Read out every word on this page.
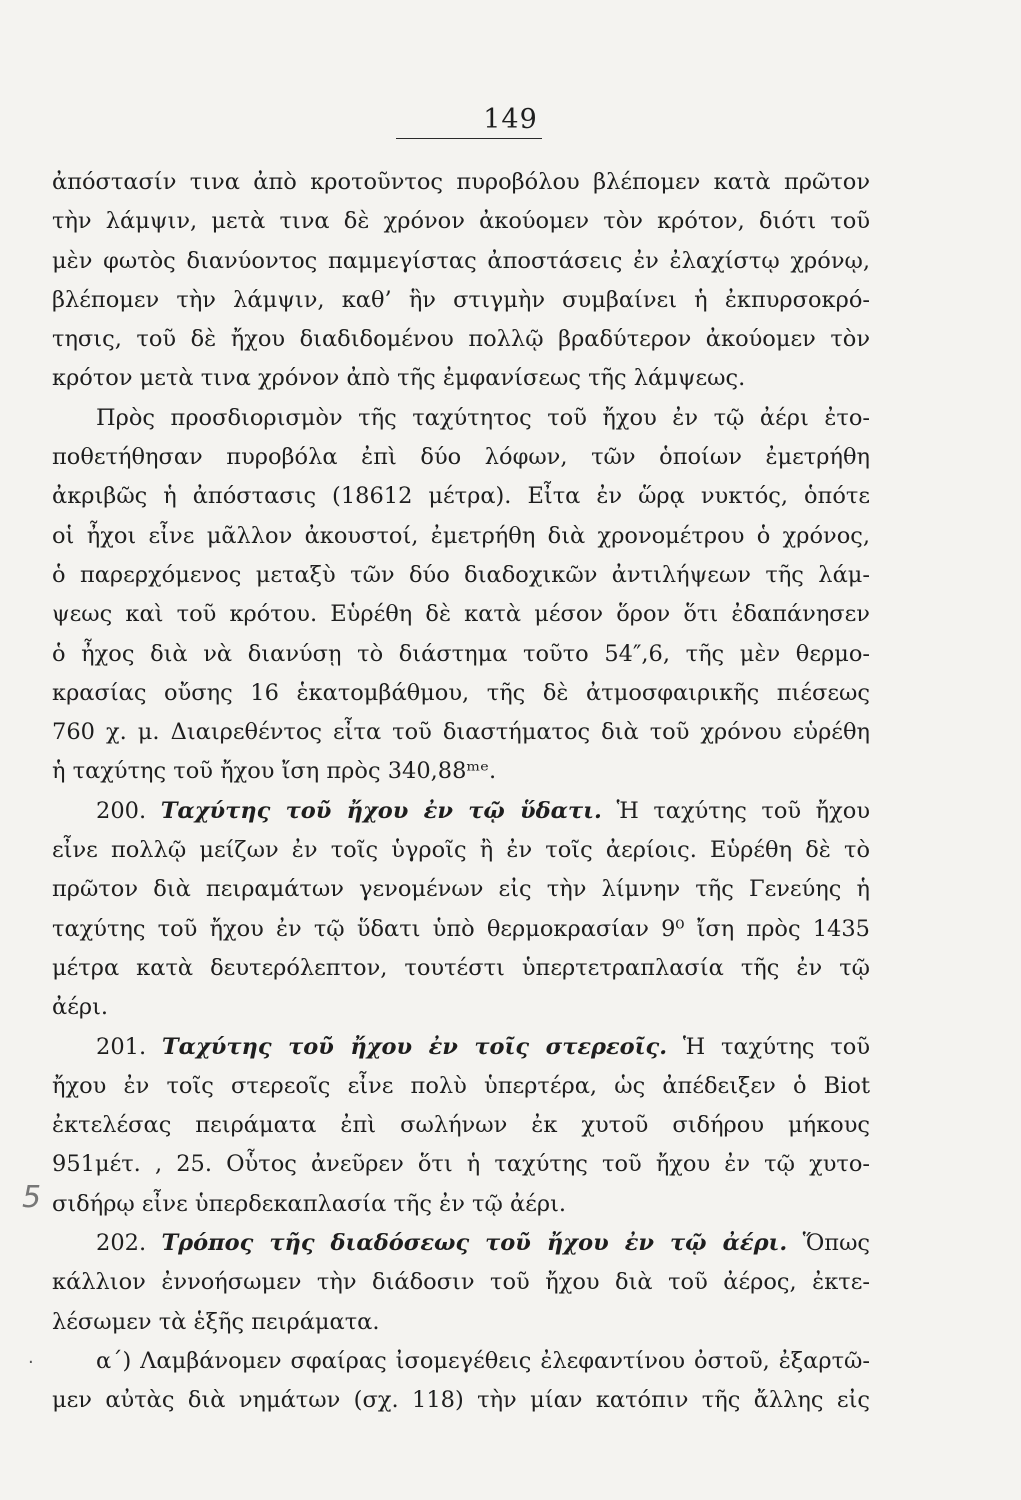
149
ἀπόστασίν τινα ἀπὸ κροτοῦντος πυροβόλου βλέπομεν κατὰ πρῶτον
τὴν λάμψιν, μετὰ τινα δὲ χρόνον ἀκούομεν τὸν κρότον, διότι τοῦ
μὲν φωτὸς διανύοντος παμμεγίστας ἀποστάσεις ἐν ἐλαχίστῳ χρόνῳ,
βλέπομεν τὴν λάμψιν, καθ’ ἣν στιγμὴν συμβαίνει ἡ ἐκπυρσοκρό-
τησις, τοῦ δὲ ἤχου διαδιδομένου πολλῷ βραδύτερον ἀκούομεν τὸν
κρότον μετὰ τινα χρόνον ἀπὸ τῆς ἐμφανίσεως τῆς λάμψεως.
Πρὸς προσδιορισμὸν τῆς ταχύτητος τοῦ ἤχου ἐν τῷ ἀέρι ἐτο-
ποθετήθησαν πυροβόλα ἐπὶ δύο λόφων, τῶν ὁποίων ἐμετρήθη
ἀκριβῶς ἡ ἀπόστασις (18612 μέτρα). Εἶτα ἐν ὥρᾳ νυκτός, ὁπότε
οἱ ἦχοι εἶνε μᾶλλον ἀκουστοί, ἐμετρήθη διὰ χρονομέτρου ὁ χρόνος,
ὁ παρερχόμενος μεταξὺ τῶν δύο διαδοχικῶν ἀντιλήψεων τῆς λάμ-
ψεως καὶ τοῦ κρότου. Εὑρέθη δὲ κατὰ μέσον ὅρον ὅτι ἐδαπάνησεν
ὁ ἦχος διὰ νὰ διανύσῃ τὸ διάστημα τοῦτο 54″,6, τῆς μὲν θερμο-
κρασίας οὔσης 16 ἑκατομβάθμου, τῆς δὲ ἀτμοσφαιρικῆς πιέσεως
760 χ. μ. Διαιρεθέντος εἶτα τοῦ διαστήματος διὰ τοῦ χρόνου εὑρέθη
ἡ ταχύτης τοῦ ἤχου ἴση πρὸς 340,88ᵐᵉ.
200. Ταχύτης τοῦ ἤχου ἐν τῷ ὕδατι. Ἡ ταχύτης τοῦ ἤχου
εἶνε πολλῷ μείζων ἐν τοῖς ὑγροῖς ἢ ἐν τοῖς ἀερίοις. Εὑρέθη δὲ τὸ
πρῶτον διὰ πειραμάτων γενομένων εἰς τὴν λίμνην τῆς Γενεύης ἡ
ταχύτης τοῦ ἤχου ἐν τῷ ὕδατι ὑπὸ θερμοκρασίαν 9⁰ ἴση πρὸς 1435
μέτρα κατὰ δευτερόλεπτον, τουτέστι ὑπερτετραπλασία τῆς ἐν τῷ
ἀέρι.
201. Ταχύτης τοῦ ἤχου ἐν τοῖς στερεοῖς. Ἡ ταχύτης τοῦ
ἤχου ἐν τοῖς στερεοῖς εἶνε πολὺ ὑπερτέρα, ὡς ἀπέδειξεν ὁ Biot
ἐκτελέσας πειράματα ἐπὶ σωλήνων ἐκ χυτοῦ σιδήρου μήκους
951μέτ. , 25. Οὗτος ἀνεῦρεν ὅτι ἡ ταχύτης τοῦ ἤχου ἐν τῷ χυτο-
σιδήρῳ εἶνε ὑπερδεκαπλασία τῆς ἐν τῷ ἀέρι.
202. Τρόπος τῆς διαδόσεως τοῦ ἤχου ἐν τῷ ἀέρι. Ὅπως
κάλλιον ἐννοήσωμεν τὴν διάδοσιν τοῦ ἤχου διὰ τοῦ ἀέρος, ἐκτε-
λέσωμεν τὰ ἑξῆς πειράματα.
α΄) Λαμβάνομεν σφαίρας ἰσομεγέθεις ἐλεφαντίνου ὀστοῦ, ἐξαρτῶ-
μεν αὐτὰς διὰ νημάτων (σχ. 118) τὴν μίαν κατόπιν τῆς ἄλλης εἰς
5
.
